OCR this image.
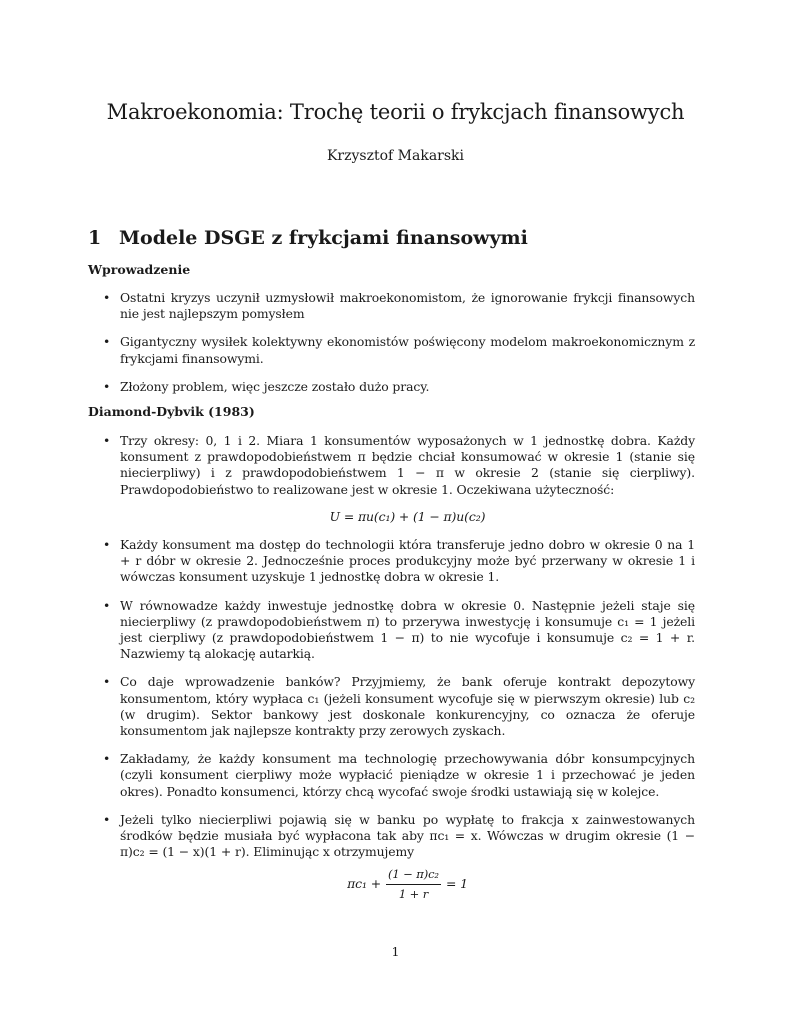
Makroekonomia: Trochę teorii o frykcjach finansowych
Krzysztof Makarski
1 Modele DSGE z frykcjami finansowymi
Wprowadzenie
• Ostatni kryzys uczynił uzmysłowił makroekonomistom, że ignorowanie frykcji finansowych nie jest najlepszym pomysłem
• Gigantyczny wysiłek kolektywny ekonomistów poświęcony modelom makroekonomicznym z frykcjami finansowymi.
• Złożony problem, więc jeszcze zostało dużo pracy.
Diamond-Dybvik (1983)
• Trzy okresy: 0, 1 i 2. Miara 1 konsumentów wyposażonych w 1 jednostkę dobra. Każdy konsument z prawdopodobieństwem π będzie chciał konsumować w okresie 1 (stanie się niecierpliwy) i z prawdopodobieństwem 1 − π w okresie 2 (stanie się cierpliwy). Prawdopodobieństwo to realizowane jest w okresie 1. Oczekiwana użyteczność:
U = πu(c₁) + (1 − π)u(c₂)
• Każdy konsument ma dostęp do technologii która transferuje jedno dobro w okresie 0 na 1 + r dóbr w okresie 2. Jednocześnie proces produkcyjny może być przerwany w okresie 1 i wówczas konsument uzyskuje 1 jednostkę dobra w okresie 1.
• W równowadze każdy inwestuje jednostkę dobra w okresie 0. Następnie jeżeli staje się niecierpliwy (z prawdopodobieństwem π) to przerywa inwestycję i konsumuje c₁ = 1 jeżeli jest cierpliwy (z prawdopodobieństwem 1 − π) to nie wycofuje i konsumuje c₂ = 1 + r. Nazwiemy tą alokację autarkią.
• Co daje wprowadzenie banków? Przyjmiemy, że bank oferuje kontrakt depozytowy konsumentom, który wypłaca c₁ (jeżeli konsument wycofuje się w pierwszym okresie) lub c₂ (w drugim). Sektor bankowy jest doskonale konkurencyjny, co oznacza że oferuje konsumentom jak najlepsze kontrakty przy zerowych zyskach.
• Zakładamy, że każdy konsument ma technologię przechowywania dóbr konsumpcyjnych (czyli konsument cierpliwy może wypłacić pieniądze w okresie 1 i przechować je jeden okres). Ponadto konsumenci, którzy chcą wycofać swoje środki ustawiają się w kolejce.
• Jeżeli tylko niecierpliwi pojawią się w banku po wypłatę to frakcja x zainwestowanych środków będzie musiała być wypłacona tak aby πc₁ = x. Wówczas w drugim okresie (1 − π)c₂ = (1 − x)(1 + r). Eliminując x otrzymujemy
$\pi c_1 + \frac{\text{(1 − π)c₂}}{1 + r} = 1$
1
